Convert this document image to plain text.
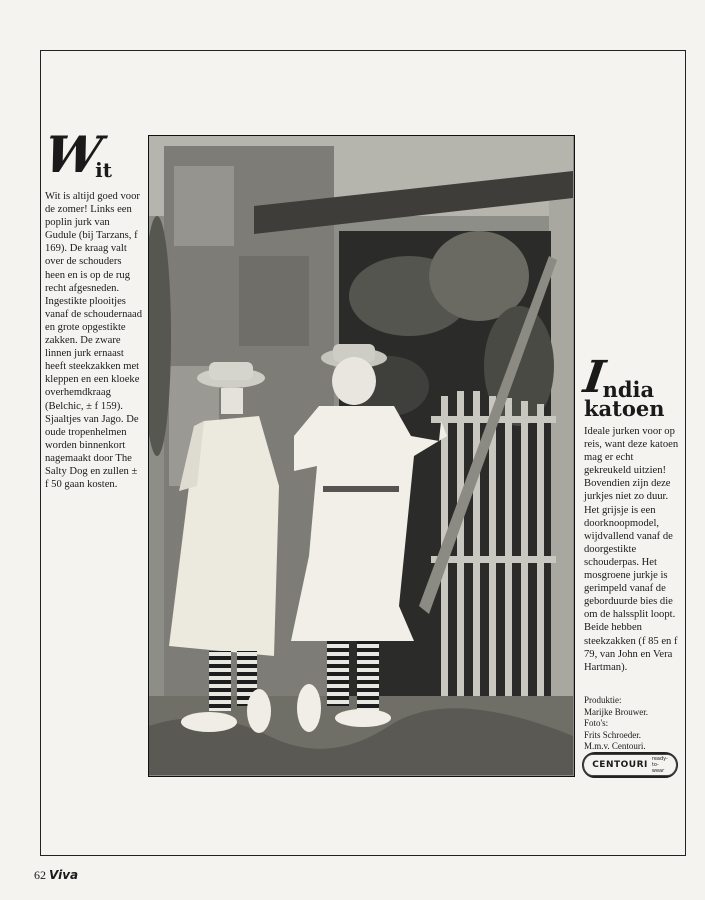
W
it

Wit is altijd goed voor de zomer! Links een poplin jurk van Gudule (bij Tarzans, f 169). De kraag valt over de schouders heen en is op de rug recht afgesneden. Ingestikte plooitjes vanaf de schoudernaad en grote opgestikte zakken. De zware linnen jurk ernaast heeft steekzakken met kleppen en een kloeke overhemdkraag (Belchic, ± f 159). Sjaaltjes van Jago. De oude tropenhelmen worden binnenkort nagemaakt door The Salty Dog en zullen ± f 50 gaan kosten.

I
ndia
katoen

Ideale jurken voor op reis, want deze katoen mag er echt gekreukeld uitzien! Bovendien zijn deze jurkjes niet zo duur. Het grijsje is een doorknoopmodel, wijdvallend vanaf de doorgestikte schouderpas. Het mosgroene jurkje is gerimpeld vanaf de geborduurde bies die om de halssplit loopt. Beide hebben steekzakken (f 85 en f 79, van John en Vera Hartman).

Produktie:
Marijke Brouwer.
Foto's:
Frits Schroeder.
M.m.v. Centouri.
CENTOURI
ready-to-wear
62 Viva
